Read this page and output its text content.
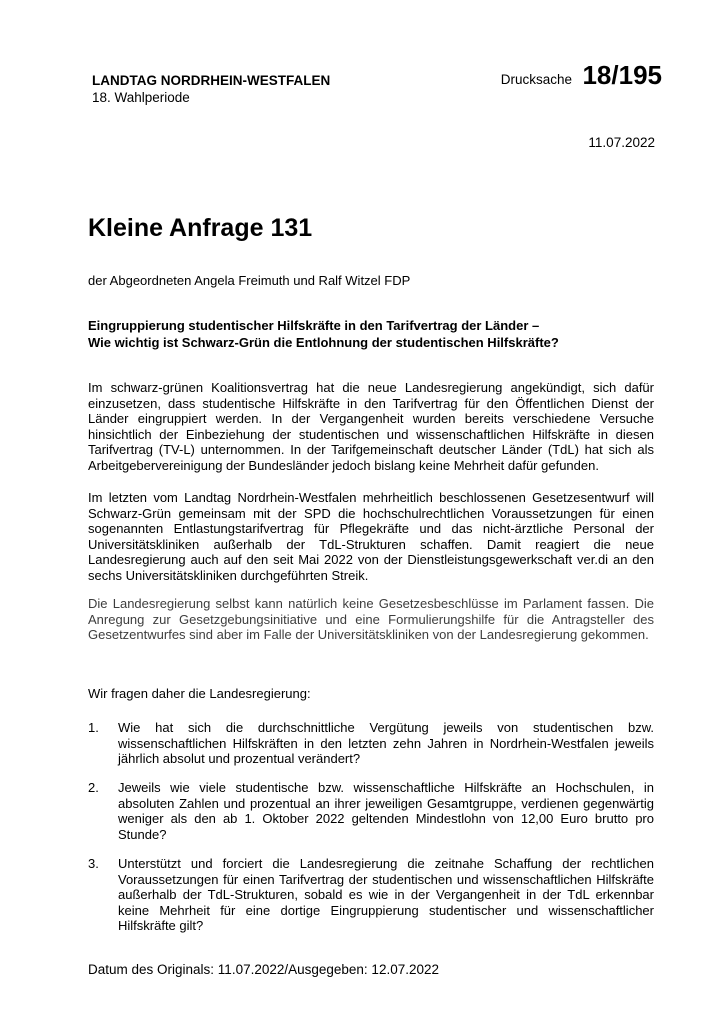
LANDTAG NORDRHEIN-WESTFALEN
18. Wahlperiode
Drucksache 18/195
11.07.2022
Kleine Anfrage 131
der Abgeordneten Angela Freimuth und Ralf Witzel FDP
Eingruppierung studentischer Hilfskräfte in den Tarifvertrag der Länder –
Wie wichtig ist Schwarz-Grün die Entlohnung der studentischen Hilfskräfte?
Im schwarz-grünen Koalitionsvertrag hat die neue Landesregierung angekündigt, sich dafür einzusetzen, dass studentische Hilfskräfte in den Tarifvertrag für den Öffentlichen Dienst der Länder eingruppiert werden. In der Vergangenheit wurden bereits verschiedene Versuche hinsichtlich der Einbeziehung der studentischen und wissenschaftlichen Hilfskräfte in diesen Tarifvertrag (TV-L) unternommen. In der Tarifgemeinschaft deutscher Länder (TdL) hat sich als Arbeitgebervereinigung der Bundesländer jedoch bislang keine Mehrheit dafür gefunden.
Im letzten vom Landtag Nordrhein-Westfalen mehrheitlich beschlossenen Gesetzesentwurf will Schwarz-Grün gemeinsam mit der SPD die hochschulrechtlichen Voraussetzungen für einen sogenannten Entlastungstarifvertrag für Pflegekräfte und das nicht-ärztliche Personal der Universitätskliniken außerhalb der TdL-Strukturen schaffen. Damit reagiert die neue Landesregierung auch auf den seit Mai 2022 von der Dienstleistungsgewerkschaft ver.di an den sechs Universitätskliniken durchgeführten Streik.
Die Landesregierung selbst kann natürlich keine Gesetzesbeschlüsse im Parlament fassen. Die Anregung zur Gesetzgebungsinitiative und eine Formulierungshilfe für die Antragsteller des Gesetzentwurfes sind aber im Falle der Universitätskliniken von der Landesregierung gekommen.
Wir fragen daher die Landesregierung:
1.	Wie hat sich die durchschnittliche Vergütung jeweils von studentischen bzw. wissenschaftlichen Hilfskräften in den letzten zehn Jahren in Nordrhein-Westfalen jeweils jährlich absolut und prozentual verändert?
2.	Jeweils wie viele studentische bzw. wissenschaftliche Hilfskräfte an Hochschulen, in absoluten Zahlen und prozentual an ihrer jeweiligen Gesamtgruppe, verdienen gegenwärtig weniger als den ab 1. Oktober 2022 geltenden Mindestlohn von 12,00 Euro brutto pro Stunde?
3.	Unterstützt und forciert die Landesregierung die zeitnahe Schaffung der rechtlichen Voraussetzungen für einen Tarifvertrag der studentischen und wissenschaftlichen Hilfskräfte außerhalb der TdL-Strukturen, sobald es wie in der Vergangenheit in der TdL erkennbar keine Mehrheit für eine dortige Eingruppierung studentischer und wissenschaftlicher Hilfskräfte gilt?
Datum des Originals: 11.07.2022/Ausgegeben: 12.07.2022
